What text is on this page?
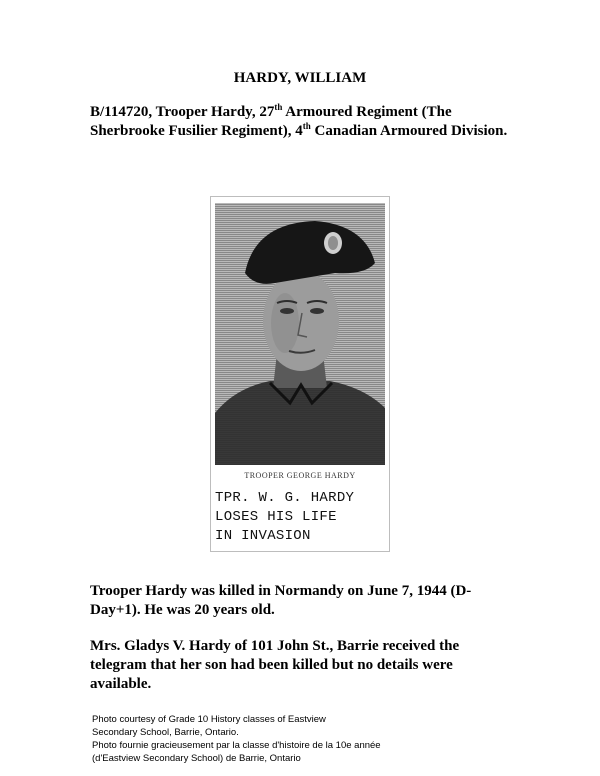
HARDY, WILLIAM
B/114720, Trooper Hardy, 27th Armoured Regiment (The Sherbrooke Fusilier Regiment), 4th Canadian Armoured Division.
TROOPER GEORGE HARDY
TPR. W. G. HARDY
LOSES HIS LIFE
IN INVASION
Trooper Hardy was killed in Normandy on June 7, 1944 (D-Day+1). He was 20 years old.
Mrs. Gladys V. Hardy of 101 John St., Barrie received the telegram that her son had been killed but no details were available.
Photo courtesy of Grade 10 History classes of Eastview
Secondary School, Barrie, Ontario.
Photo fournie gracieusement par la classe d'histoire de la 10e année
(d'Eastview Secondary School) de Barrie, Ontario
